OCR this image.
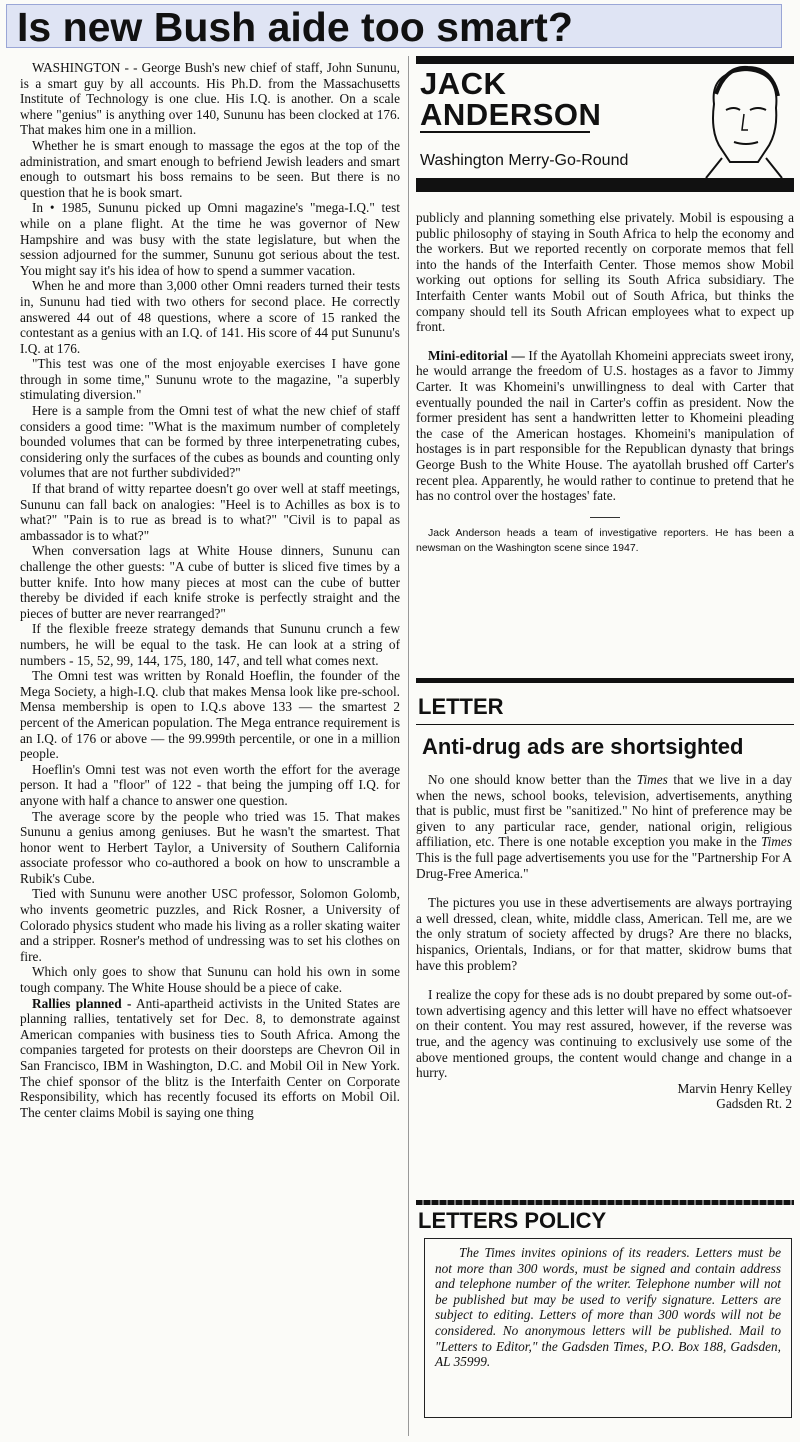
Is new Bush aide too smart?

WASHINGTON - - George Bush's new chief of staff, John Sununu, is a smart guy by all accounts. His Ph.D. from the Massachusetts Institute of Technology is one clue. His I.Q. is another. On a scale where "genius" is anything over 140, Sununu has been clocked at 176. That makes him one in a million.

Whether he is smart enough to massage the egos at the top of the administration, and smart enough to befriend Jewish leaders and smart enough to outsmart his boss remains to be seen. But there is no question that he is book smart.

In • 1985, Sununu picked up Omni magazine's "mega-I.Q." test while on a plane flight. At the time he was governor of New Hampshire and was busy with the state legislature, but when the session adjourned for the summer, Sununu got serious about the test. You might say it's his idea of how to spend a summer vacation.

When he and more than 3,000 other Omni readers turned their tests in, Sununu had tied with two others for second place. He correctly answered 44 out of 48 questions, where a score of 15 ranked the contestant as a genius with an I.Q. of 141. His score of 44 put Sununu's I.Q. at 176.

"This test was one of the most enjoyable exercises I have gone through in some time," Sununu wrote to the magazine, "a superbly stimulating diversion."

Here is a sample from the Omni test of what the new chief of staff considers a good time: "What is the maximum number of completely bounded volumes that can be formed by three interpenetrating cubes, considering only the surfaces of the cubes as bounds and counting only volumes that are not further subdivided?"

If that brand of witty repartee doesn't go over well at staff meetings, Sununu can fall back on analogies: "Heel is to Achilles as box is to what?" "Pain is to rue as bread is to what?" "Civil is to papal as ambassador is to what?"

When conversation lags at White House dinners, Sununu can challenge the other guests: "A cube of butter is sliced five times by a butter knife. Into how many pieces at most can the cube of butter thereby be divided if each knife stroke is perfectly straight and the pieces of butter are never rearranged?"

If the flexible freeze strategy demands that Sununu crunch a few numbers, he will be equal to the task. He can look at a string of numbers - 15, 52, 99, 144, 175, 180, 147, and tell what comes next.

The Omni test was written by Ronald Hoeflin, the founder of the Mega Society, a high-I.Q. club that makes Mensa look like pre-school. Mensa membership is open to I.Q.s above 133 — the smartest 2 percent of the American population. The Mega entrance requirement is an I.Q. of 176 or above — the 99.999th percentile, or one in a million people.

Hoeflin's Omni test was not even worth the effort for the average person. It had a "floor" of 122 - that being the jumping off I.Q. for anyone with half a chance to answer one question.

The average score by the people who tried was 15. That makes Sununu a genius among geniuses. But he wasn't the smartest. That honor went to Herbert Taylor, a University of Southern California associate professor who co-authored a book on how to unscramble a Rubik's Cube.

Tied with Sununu were another USC professor, Solomon Golomb, who invents geometric puzzles, and Rick Rosner, a University of Colorado physics student who made his living as a roller skating waiter and a stripper. Rosner's method of undressing was to set his clothes on fire.

Which only goes to show that Sununu can hold his own in some tough company. The White House should be a piece of cake.

Rallies planned - Anti-apartheid activists in the United States are planning rallies, tentatively set for Dec. 8, to demonstrate against American companies with business ties to South Africa. Among the companies targeted for protests on their doorsteps are Chevron Oil in San Francisco, IBM in Washington, D.C. and Mobil Oil in New York. The chief sponsor of the blitz is the Interfaith Center on Corporate Responsibility, which has recently focused its efforts on Mobil Oil. The center claims Mobil is saying one thing

JACK
ANDERSON
Washington Merry-Go-Round

publicly and planning something else privately. Mobil is espousing a public philosophy of staying in South Africa to help the economy and the workers. But we reported recently on corporate memos that fell into the hands of the Interfaith Center. Those memos show Mobil working out options for selling its South Africa subsidiary. The Interfaith Center wants Mobil out of South Africa, but thinks the company should tell its South African employees what to expect up front.

Mini-editorial — If the Ayatollah Khomeini appreciats sweet irony, he would arrange the freedom of U.S. hostages as a favor to Jimmy Carter. It was Khomeini's unwillingness to deal with Carter that eventually pounded the nail in Carter's coffin as president. Now the former president has sent a handwritten letter to Khomeini pleading the case of the American hostages. Khomeini's manipulation of hostages is in part responsible for the Republican dynasty that brings George Bush to the White House. The ayatollah brushed off Carter's recent plea. Apparently, he would rather to continue to pretend that he has no control over the hostages' fate.

Jack Anderson heads a team of investigative reporters. He has been a newsman on the Washington scene since 1947.
LETTER
Anti-drug ads are shortsighted

No one should know better than the Times that we live in a day when the news, school books, television, advertisements, anything that is public, must first be "sanitized." No hint of preference may be given to any particular race, gender, national origin, religious affiliation, etc. There is one notable exception you make in the Times This is the full page advertisements you use for the "Partnership For A Drug-Free America."

The pictures you use in these advertisements are always portraying a well dressed, clean, white, middle class, American. Tell me, are we the only stratum of society affected by drugs? Are there no blacks, hispanics, Orientals, Indians, or for that matter, skidrow bums that have this problem?

I realize the copy for these ads is no doubt prepared by some out-of-town advertising agency and this letter will have no effect whatsoever on their content. You may rest assured, however, if the reverse was true, and the agency was continuing to exclusively use some of the above mentioned groups, the content would change and change in a hurry.

Marvin Henry Kelley
Gadsden Rt. 2
LETTERS POLICY

The Times invites opinions of its readers. Letters must be not more than 300 words, must be signed and contain address and telephone number of the writer. Telephone number will not be published but may be used to verify signature. Letters are subject to editing. Letters of more than 300 words will not be considered. No anonymous letters will be published. Mail to "Letters to Editor," the Gadsden Times, P.O. Box 188, Gadsden, AL 35999.
